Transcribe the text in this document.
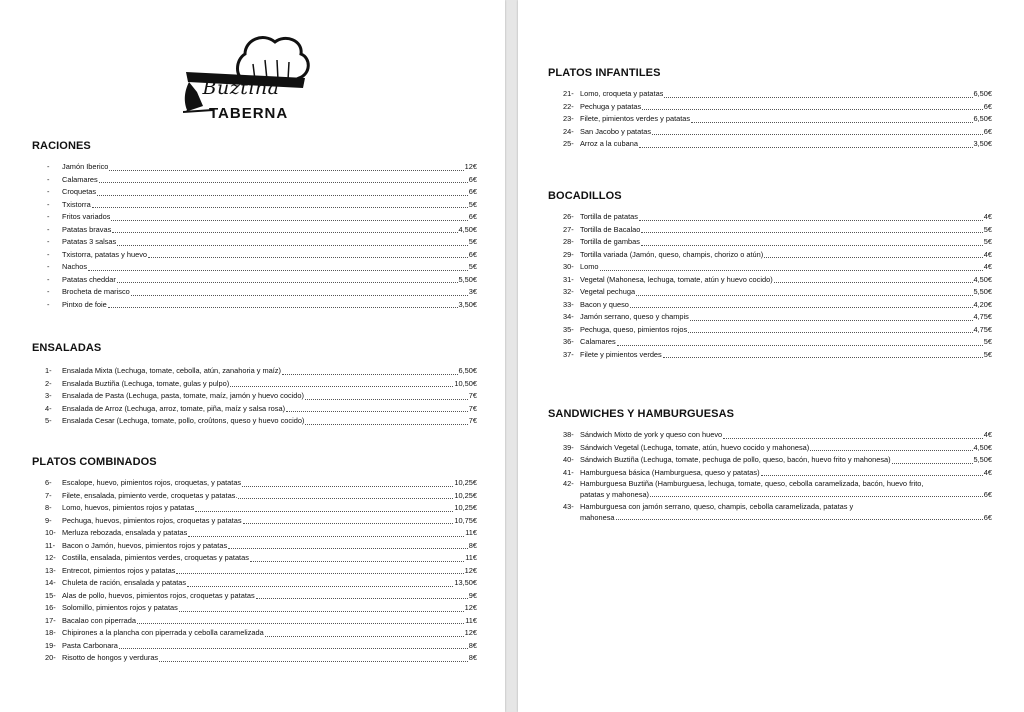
Buztiña
TABERNA
RACIONES
- Jamón Iberico	12€
- Calamares	6€
- Croquetas	6€
- Txistorra	5€
- Fritos variados	6€
- Patatas bravas	4,50€
- Patatas 3 salsas	5€
- Txistorra, patatas y huevo	6€
- Nachos	5€
- Patatas cheddar	5,50€
- Brocheta de marisco	3€
- Pintxo de foie	3,50€
ENSALADAS
1- Ensalada Mixta (Lechuga, tomate, cebolla, atún, zanahoria y maíz)	6,50€
2- Ensalada Buztiña (Lechuga, tomate, gulas y pulpo)	10,50€
3- Ensalada de Pasta (Lechuga, pasta, tomate, maíz, jamón y huevo cocido)	7€
4- Ensalada de Arroz (Lechuga, arroz, tomate, piña, maíz y salsa rosa)	7€
5- Ensalada Cesar (Lechuga, tomate, pollo, croûtons, queso y huevo cocido)	7€
PLATOS COMBINADOS
6- Escalope, huevo, pimientos rojos, croquetas, y patatas	10,25€
7- Filete, ensalada, pimiento verde, croquetas y patatas.	10,25€
8- Lomo, huevos, pimientos rojos y patatas	10,25€
9- Pechuga, huevos, pimientos rojos, croquetas y patatas	10,75€
10- Merluza rebozada, ensalada y patatas	11€
11- Bacon o Jamón, huevos, pimientos rojos y patatas	8€
12- Costilla, ensalada, pimientos verdes, croquetas y patatas	11€
13- Entrecot, pimientos rojos y patatas	12€
14- Chuleta de ración, ensalada y patatas	13,50€
15- Alas de pollo, huevos, pimientos rojos, croquetas y patatas	9€
16- Solomillo, pimientos rojos y patatas	12€
17- Bacalao con piperrada	11€
18- Chipirones a la plancha con piperrada y cebolla caramelizada	12€
19- Pasta Carbonara	8€
20- Risotto de hongos y verduras	8€
PLATOS INFANTILES
21- Lomo, croqueta y patatas	6,50€
22- Pechuga y patatas	6€
23- Filete, pimientos verdes y patatas	6,50€
24- San Jacobo y patatas	6€
25- Arroz a la cubana	3,50€
BOCADILLOS
26- Tortilla de patatas	4€
27- Tortilla de Bacalao	5€
28- Tortilla de gambas	5€
29- Tortilla variada (Jamón, queso, champis, chorizo o atún)	4€
30- Lomo	4€
31- Vegetal (Mahonesa, lechuga, tomate, atún y huevo cocido)	4,50€
32- Vegetal pechuga	5,50€
33- Bacon y queso	4,20€
34- Jamón serrano, queso y champis	4,75€
35- Pechuga, queso, pimientos rojos	4,75€
36- Calamares	5€
37- Filete y pimientos verdes	5€
SANDWICHES Y HAMBURGUESAS
38- Sándwich Mixto de york y queso con huevo	4€
39- Sándwich Vegetal (Lechuga, tomate, atún, huevo cocido y mahonesa)	4,50€
40- Sándwich Buztiña (Lechuga, tomate, pechuga de pollo, queso, bacón, huevo frito y mahonesa)	5,50€
41- Hamburguesa básica (Hamburguesa, queso y patatas)	4€
42- Hamburguesa Buztiña (Hamburguesa, lechuga, tomate, queso, cebolla caramelizada, bacón, huevo frito,
patatas y mahonesa)	6€
43- Hamburguesa con jamón serrano, queso, champis, cebolla caramelizada, patatas y
mahonesa	6€
